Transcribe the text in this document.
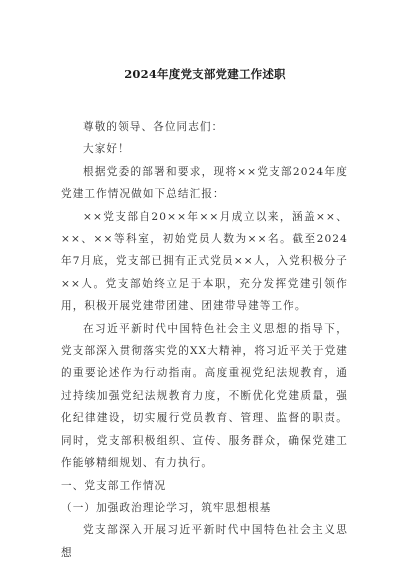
2024年度党支部党建工作述职

尊敬的领导、各位同志们：

大家好！

根据党委的部署和要求，现将××党支部2024年度党建工作情况做如下总结汇报：

××党支部自20××年××月成立以来，涵盖××、××、××等科室，初始党员人数为××名。截至2024年7月底，党支部已拥有正式党员××人，入党积极分子××人。党支部始终立足于本职，充分发挥党建引领作用，积极开展党建带团建、团建带导建等工作。

在习近平新时代中国特色社会主义思想的指导下，党支部深入贯彻落实党的XX大精神，将习近平关于党建的重要论述作为行动指南。高度重视党纪法规教育，通过持续加强党纪法规教育力度，不断优化党建质量，强化纪律建设，切实履行党员教育、管理、监督的职责。同时，党支部积极组织、宣传、服务群众，确保党建工作能够精细规划、有力执行。

一、党支部工作情况

（一）加强政治理论学习，筑牢思想根基

党支部深入开展习近平新时代中国特色社会主义思想
